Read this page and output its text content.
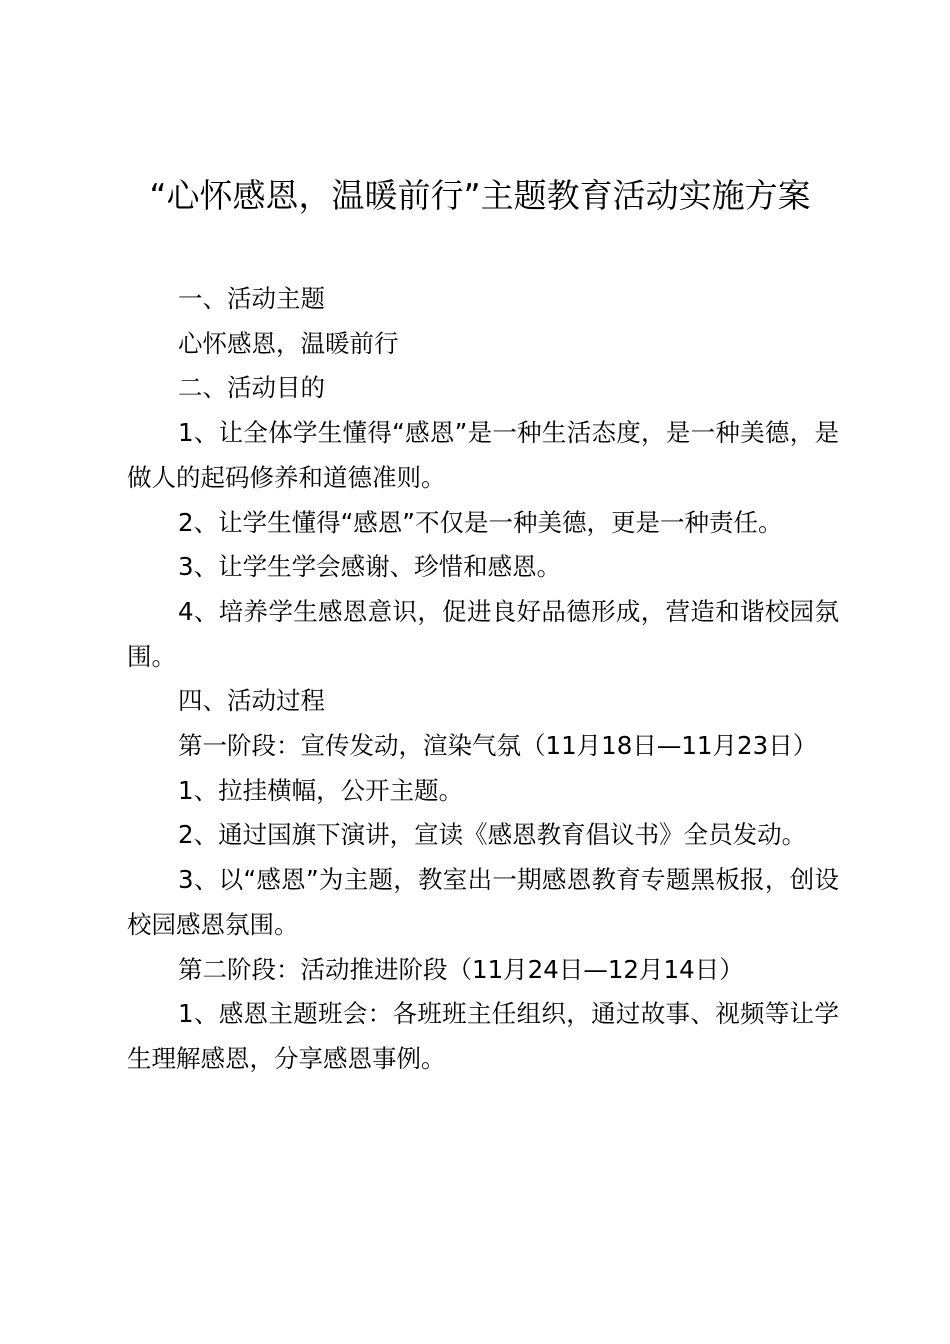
“心怀感恩，温暖前行”主题教育活动实施方案

一、活动主题

心怀感恩，温暖前行

二、活动目的

1、让全体学生懂得“感恩”是一种生活态度，是一种美德，是做人的起码修养和道德准则。

2、让学生懂得“感恩”不仅是一种美德，更是一种责任。

3、让学生学会感谢、珍惜和感恩。

4、培养学生感恩意识，促进良好品德形成，营造和谐校园氛围。

四、活动过程

第一阶段：宣传发动，渲染气氛（11月18日—11月23日）

1、拉挂横幅，公开主题。

2、通过国旗下演讲，宣读《感恩教育倡议书》全员发动。

3、以“感恩”为主题，教室出一期感恩教育专题黑板报，创设校园感恩氛围。

第二阶段：活动推进阶段（11月24日—12月14日）

1、感恩主题班会：各班班主任组织，通过故事、视频等让学生理解感恩，分享感恩事例。
